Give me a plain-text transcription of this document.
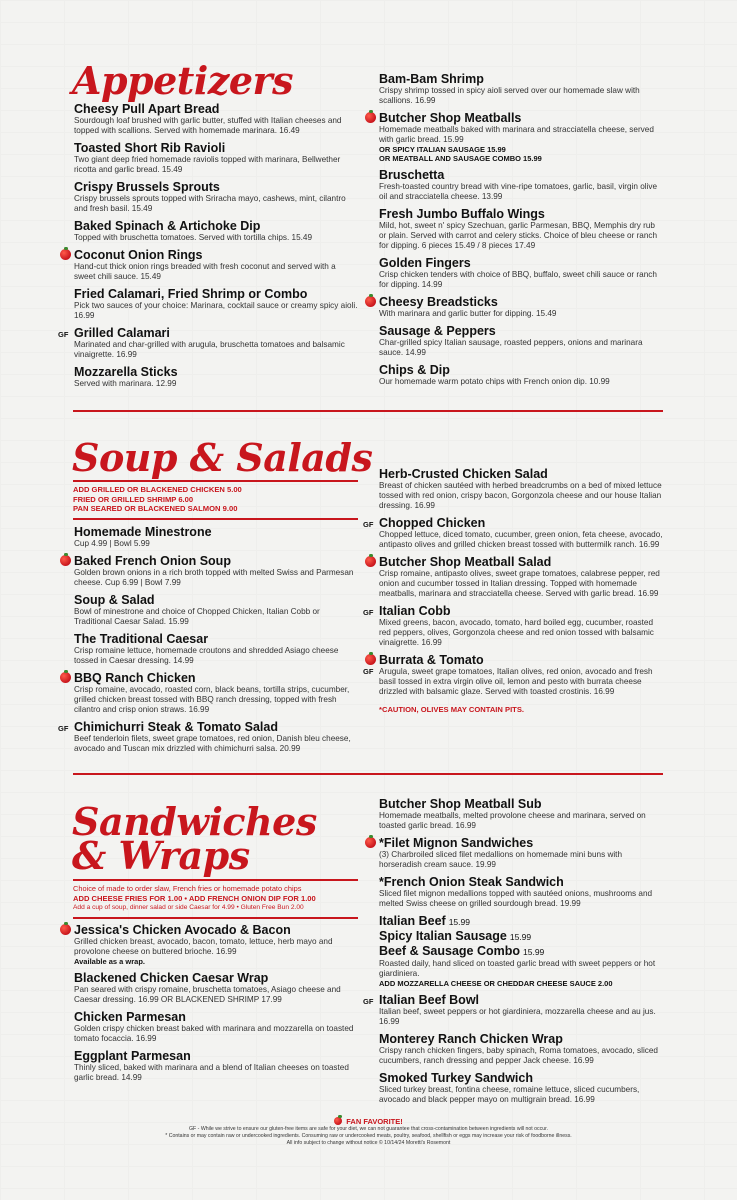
Appetizers
Cheesy Pull Apart Bread
Sourdough loaf brushed with garlic butter, stuffed with Italian cheeses and topped with scallions. Served with homemade marinara. 16.49
Toasted Short Rib Ravioli
Two giant deep fried homemade raviolis topped with marinara, Bellwether ricotta and garlic bread. 15.49
Crispy Brussels Sprouts
Crispy brussels sprouts topped with Sriracha mayo, cashews, mint, cilantro and fresh basil. 15.49
Baked Spinach & Artichoke Dip
Topped with bruschetta tomatoes. Served with tortilla chips. 15.49
Coconut Onion Rings
Hand-cut thick onion rings breaded with fresh coconut and served with a sweet chili sauce. 15.49
Fried Calamari, Fried Shrimp or Combo
Pick two sauces of your choice: Marinara, cocktail sauce or creamy spicy aioli. 16.99
Grilled Calamari
GF
Marinated and char-grilled with arugula, bruschetta tomatoes and balsamic vinaigrette. 16.99
Mozzarella Sticks
Served with marinara. 12.99
Bam-Bam Shrimp
Crispy shrimp tossed in spicy aioli served over our homemade slaw with scallions. 16.99
Butcher Shop Meatballs
Homemade meatballs baked with marinara and stracciatella cheese, served with garlic bread. 15.99
OR SPICY ITALIAN SAUSAGE 15.99
OR MEATBALL AND SAUSAGE COMBO 15.99
Bruschetta
Fresh-toasted country bread with vine-ripe tomatoes, garlic, basil, virgin olive oil and stracciatella cheese. 13.99
Fresh Jumbo Buffalo Wings
Mild, hot, sweet n' spicy Szechuan, garlic Parmesan, BBQ, Memphis dry rub or plain. Served with carrot and celery sticks. Choice of bleu cheese or ranch for dipping. 6 pieces 15.49 / 8 pieces 17.49
Golden Fingers
Crisp chicken tenders with choice of BBQ, buffalo, sweet chili sauce or ranch for dipping. 14.99
Cheesy Breadsticks
With marinara and garlic butter for dipping. 15.49
Sausage & Peppers
Char-grilled spicy Italian sausage, roasted peppers, onions and marinara sauce. 14.99
Chips & Dip
Our homemade warm potato chips with French onion dip. 10.99
Soup & Salads
ADD GRILLED OR BLACKENED CHICKEN 5.00
FRIED OR GRILLED SHRIMP 6.00
PAN SEARED OR BLACKENED SALMON 9.00
Homemade Minestrone
Cup 4.99 | Bowl 5.99
Baked French Onion Soup
Golden brown onions in a rich broth topped with melted Swiss and Parmesan cheese. Cup 6.99 | Bowl 7.99
Soup & Salad
Bowl of minestrone and choice of Chopped Chicken, Italian Cobb or Traditional Caesar Salad. 15.99
The Traditional Caesar
Crisp romaine lettuce, homemade croutons and shredded Asiago cheese tossed in Caesar dressing. 14.99
BBQ Ranch Chicken
Crisp romaine, avocado, roasted corn, black beans, tortilla strips, cucumber, grilled chicken breast tossed with BBQ ranch dressing, topped with fresh cilantro and crisp onion straws. 16.99
Chimichurri Steak & Tomato Salad
GF
Beef tenderloin filets, sweet grape tomatoes, red onion, Danish bleu cheese, avocado and Tuscan mix drizzled with chimichurri salsa. 20.99
Herb-Crusted Chicken Salad
Breast of chicken sautéed with herbed breadcrumbs on a bed of mixed lettuce tossed with red onion, crispy bacon, Gorgonzola cheese and our house Italian dressing. 16.99
Chopped Chicken
GF
Chopped lettuce, diced tomato, cucumber, green onion, feta cheese, avocado, antipasto olives and grilled chicken breast tossed with buttermilk ranch. 16.99
Butcher Shop Meatball Salad
Crisp romaine, antipasto olives, sweet grape tomatoes, calabrese pepper, red onion and cucumber tossed in Italian dressing. Topped with homemade meatballs, marinara and stracciatella cheese. Served with garlic bread. 16.99
Italian Cobb
GF
Mixed greens, bacon, avocado, tomato, hard boiled egg, cucumber, roasted red peppers, olives, Gorgonzola cheese and red onion tossed with balsamic vinaigrette. 16.99
Burrata & Tomato
GF Arugula, sweet grape tomatoes, Italian olives, red onion, avocado and fresh basil tossed in extra virgin olive oil, lemon and pesto with burrata cheese drizzled with balsamic glaze. Served with toasted crostinis. 16.99
*CAUTION, OLIVES MAY CONTAIN PITS.
Sandwiches
& Wraps
Choice of made to order slaw, French fries or homemade potato chips
ADD CHEESE FRIES FOR 1.00 • ADD FRENCH ONION DIP FOR 1.00
Add a cup of soup, dinner salad or side Caesar for 4.99 • Gluten Free Bun 2.00
Jessica's Chicken Avocado & Bacon
Grilled chicken breast, avocado, bacon, tomato, lettuce, herb mayo and provolone cheese on buttered brioche. 16.99
Available as a wrap.
Blackened Chicken Caesar Wrap
Pan seared with crispy romaine, bruschetta tomatoes, Asiago cheese and Caesar dressing. 16.99 OR BLACKENED SHRIMP 17.99
Chicken Parmesan
Golden crispy chicken breast baked with marinara and mozzarella on toasted tomato focaccia. 16.99
Eggplant Parmesan
Thinly sliced, baked with marinara and a blend of Italian cheeses on toasted garlic bread. 14.99
Butcher Shop Meatball Sub
Homemade meatballs, melted provolone cheese and marinara, served on toasted garlic bread. 16.99
*Filet Mignon Sandwiches
(3) Charbroiled sliced filet medallions on homemade mini buns with horseradish cream sauce. 19.99
*French Onion Steak Sandwich
Sliced filet mignon medallions topped with sautéed onions, mushrooms and melted Swiss cheese on grilled sourdough bread. 19.99
Italian Beef 15.99
Spicy Italian Sausage 15.99
Beef & Sausage Combo 15.99
Roasted daily, hand sliced on toasted garlic bread with sweet peppers or hot giardiniera.
ADD MOZZARELLA CHEESE OR CHEDDAR CHEESE SAUCE 2.00
Italian Beef Bowl
GF
Italian beef, sweet peppers or hot giardiniera, mozzarella cheese and au jus. 16.99
Monterey Ranch Chicken Wrap
Crispy ranch chicken fingers, baby spinach, Roma tomatoes, avocado, sliced cucumbers, ranch dressing and pepper Jack cheese. 16.99
Smoked Turkey Sandwich
Sliced turkey breast, fontina cheese, romaine lettuce, sliced cucumbers, avocado and black pepper mayo on multigrain bread. 16.99
FAN FAVORITE!
GF - While we strive to ensure our gluten-free items are safe for your diet, we can not guarantee that cross-contamination between ingredients will not occur.
* Contains or may contain raw or undercooked ingredients. Consuming raw or undercooked meats, poultry, seafood, shellfish or eggs may increase your risk of foodborne illness.
All info subject to change without notice © 10/14/24 Moretti's Rosemont
